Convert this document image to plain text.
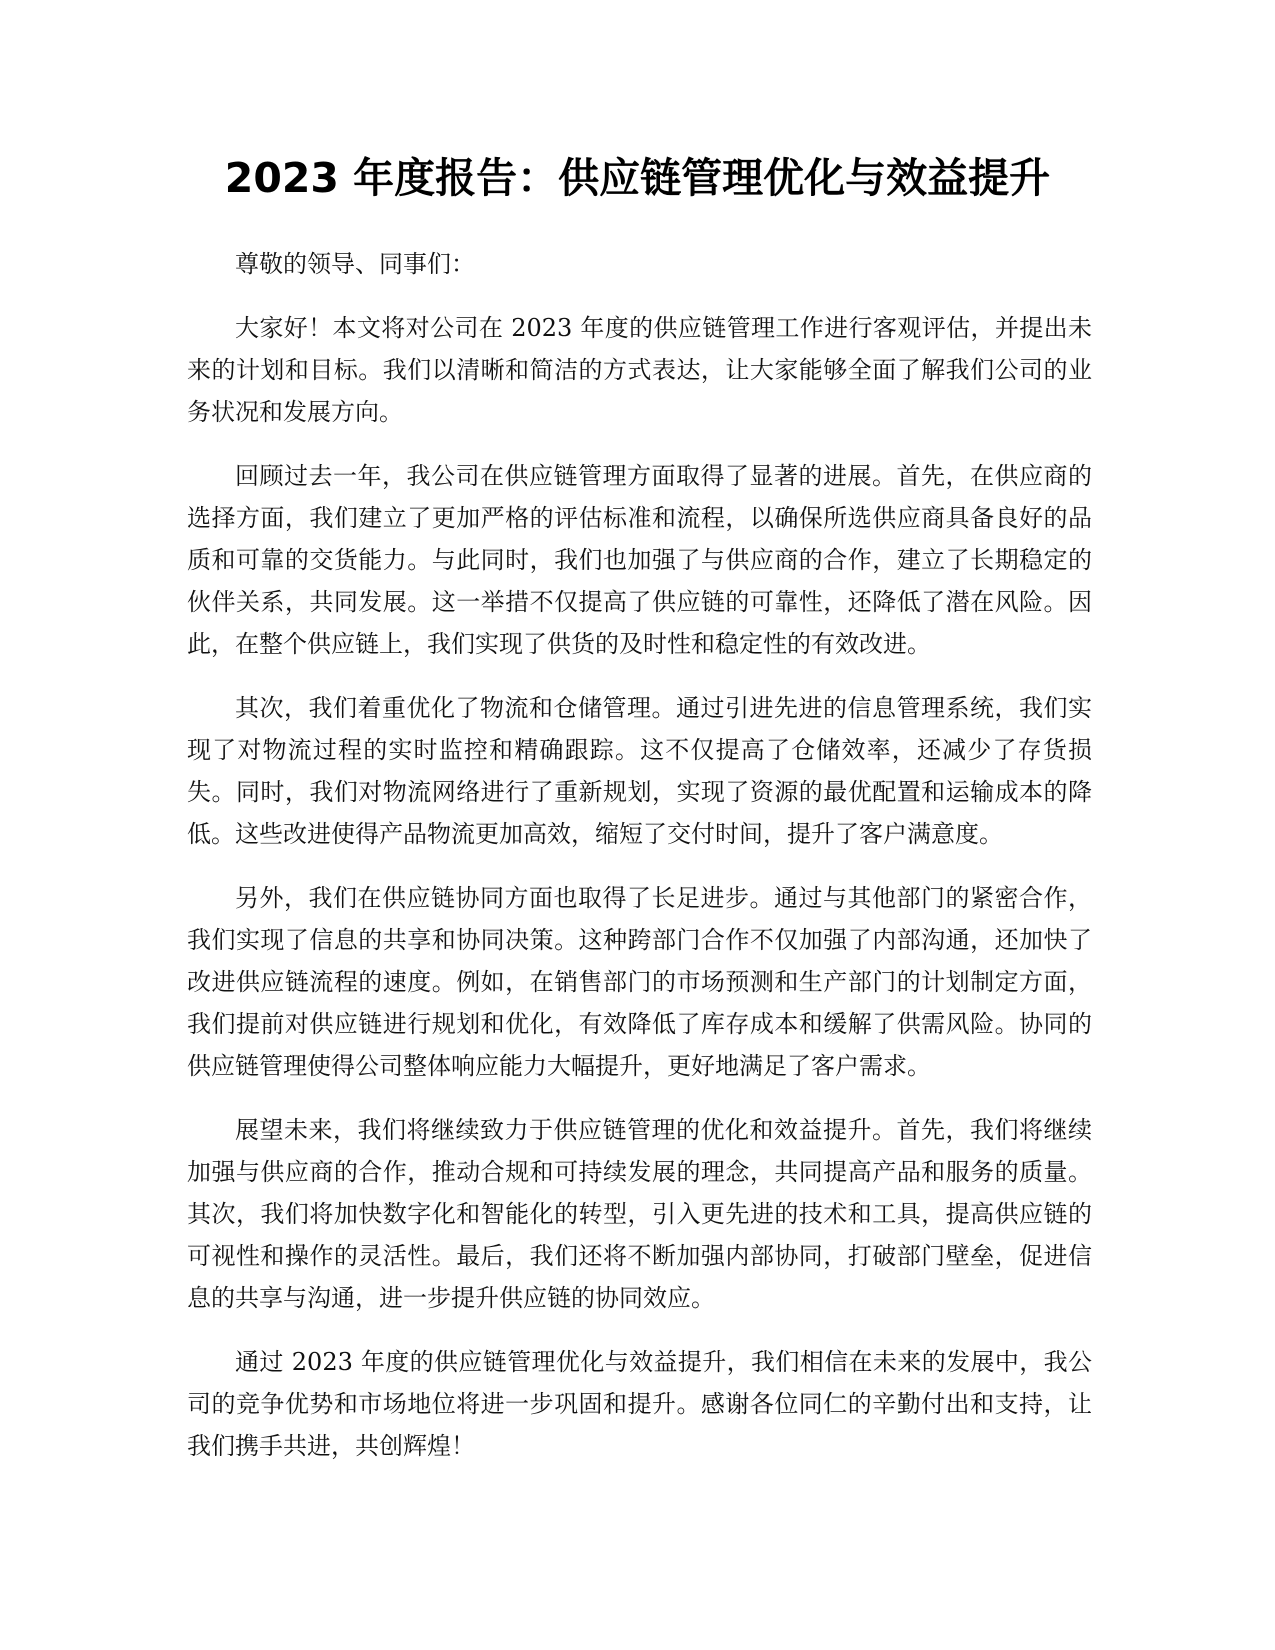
2023 年度报告：供应链管理优化与效益提升

尊敬的领导、同事们：

大家好！本文将对公司在 2023 年度的供应链管理工作进行客观评估，并提出未来的计划和目标。我们以清晰和简洁的方式表达，让大家能够全面了解我们公司的业务状况和发展方向。

回顾过去一年，我公司在供应链管理方面取得了显著的进展。首先，在供应商的选择方面，我们建立了更加严格的评估标准和流程，以确保所选供应商具备良好的品质和可靠的交货能力。与此同时，我们也加强了与供应商的合作，建立了长期稳定的伙伴关系，共同发展。这一举措不仅提高了供应链的可靠性，还降低了潜在风险。因此，在整个供应链上，我们实现了供货的及时性和稳定性的有效改进。

其次，我们着重优化了物流和仓储管理。通过引进先进的信息管理系统，我们实现了对物流过程的实时监控和精确跟踪。这不仅提高了仓储效率，还减少了存货损失。同时，我们对物流网络进行了重新规划，实现了资源的最优配置和运输成本的降低。这些改进使得产品物流更加高效，缩短了交付时间，提升了客户满意度。

另外，我们在供应链协同方面也取得了长足进步。通过与其他部门的紧密合作，我们实现了信息的共享和协同决策。这种跨部门合作不仅加强了内部沟通，还加快了改进供应链流程的速度。例如，在销售部门的市场预测和生产部门的计划制定方面，我们提前对供应链进行规划和优化，有效降低了库存成本和缓解了供需风险。协同的供应链管理使得公司整体响应能力大幅提升，更好地满足了客户需求。

展望未来，我们将继续致力于供应链管理的优化和效益提升。首先，我们将继续加强与供应商的合作，推动合规和可持续发展的理念，共同提高产品和服务的质量。其次，我们将加快数字化和智能化的转型，引入更先进的技术和工具，提高供应链的可视性和操作的灵活性。最后，我们还将不断加强内部协同，打破部门壁垒，促进信息的共享与沟通，进一步提升供应链的协同效应。

通过 2023 年度的供应链管理优化与效益提升，我们相信在未来的发展中，我公司的竞争优势和市场地位将进一步巩固和提升。感谢各位同仁的辛勤付出和支持，让我们携手共进，共创辉煌！
